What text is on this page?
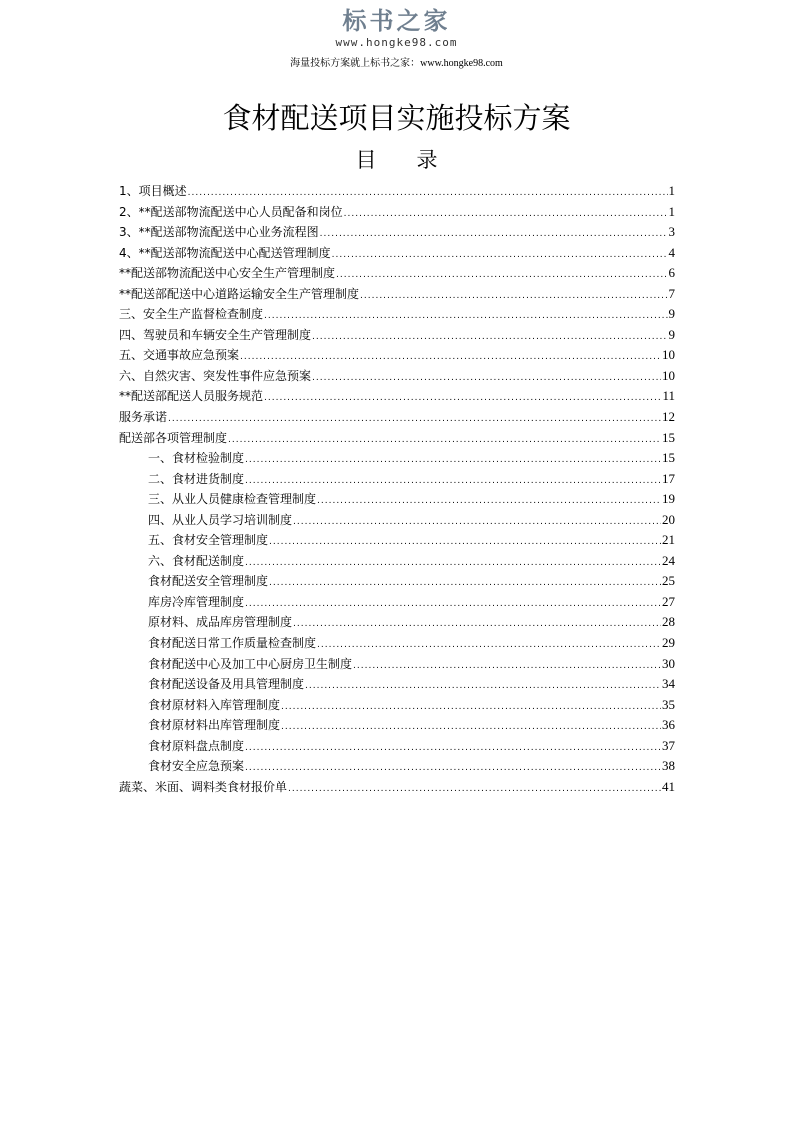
标书之家
www.hongke98.com
海量投标方案就上标书之家：www.hongke98.com
食材配送项目实施投标方案
目录
1、项目概述 .....	1
2、**配送部物流配送中心人员配备和岗位 .....	1
3、**配送部物流配送中心业务流程图 .....	3
4、**配送部物流配送中心配送管理制度 .....	4
**配送部物流配送中心安全生产管理制度 .....	6
**配送部配送中心道路运输安全生产管理制度 .....	7
三、安全生产监督检查制度 .....	9
四、驾驶员和车辆安全生产管理制度 .....	9
五、交通事故应急预案 .....	10
六、自然灾害、突发性事件应急预案 .....	10
**配送部配送人员服务规范 .....	11
服务承诺 .....	12
配送部各项管理制度 .....	15
一、食材检验制度 .....	15
二、食材进货制度 .....	17
三、从业人员健康检查管理制度 .....	19
四、从业人员学习培训制度 .....	20
五、食材安全管理制度 .....	21
六、食材配送制度 .....	24
食材配送安全管理制度 .....	25
库房冷库管理制度 .....	27
原材料、成品库房管理制度 .....	28
食材配送日常工作质量检查制度 .....	29
食材配送中心及加工中心厨房卫生制度 .....	30
食材配送设备及用具管理制度 .....	34
食材原材料入库管理制度 .....	35
食材原材料出库管理制度 .....	36
食材原料盘点制度 .....	37
食材安全应急预案 .....	38
蔬菜、米面、调料类食材报价单 .....	41
